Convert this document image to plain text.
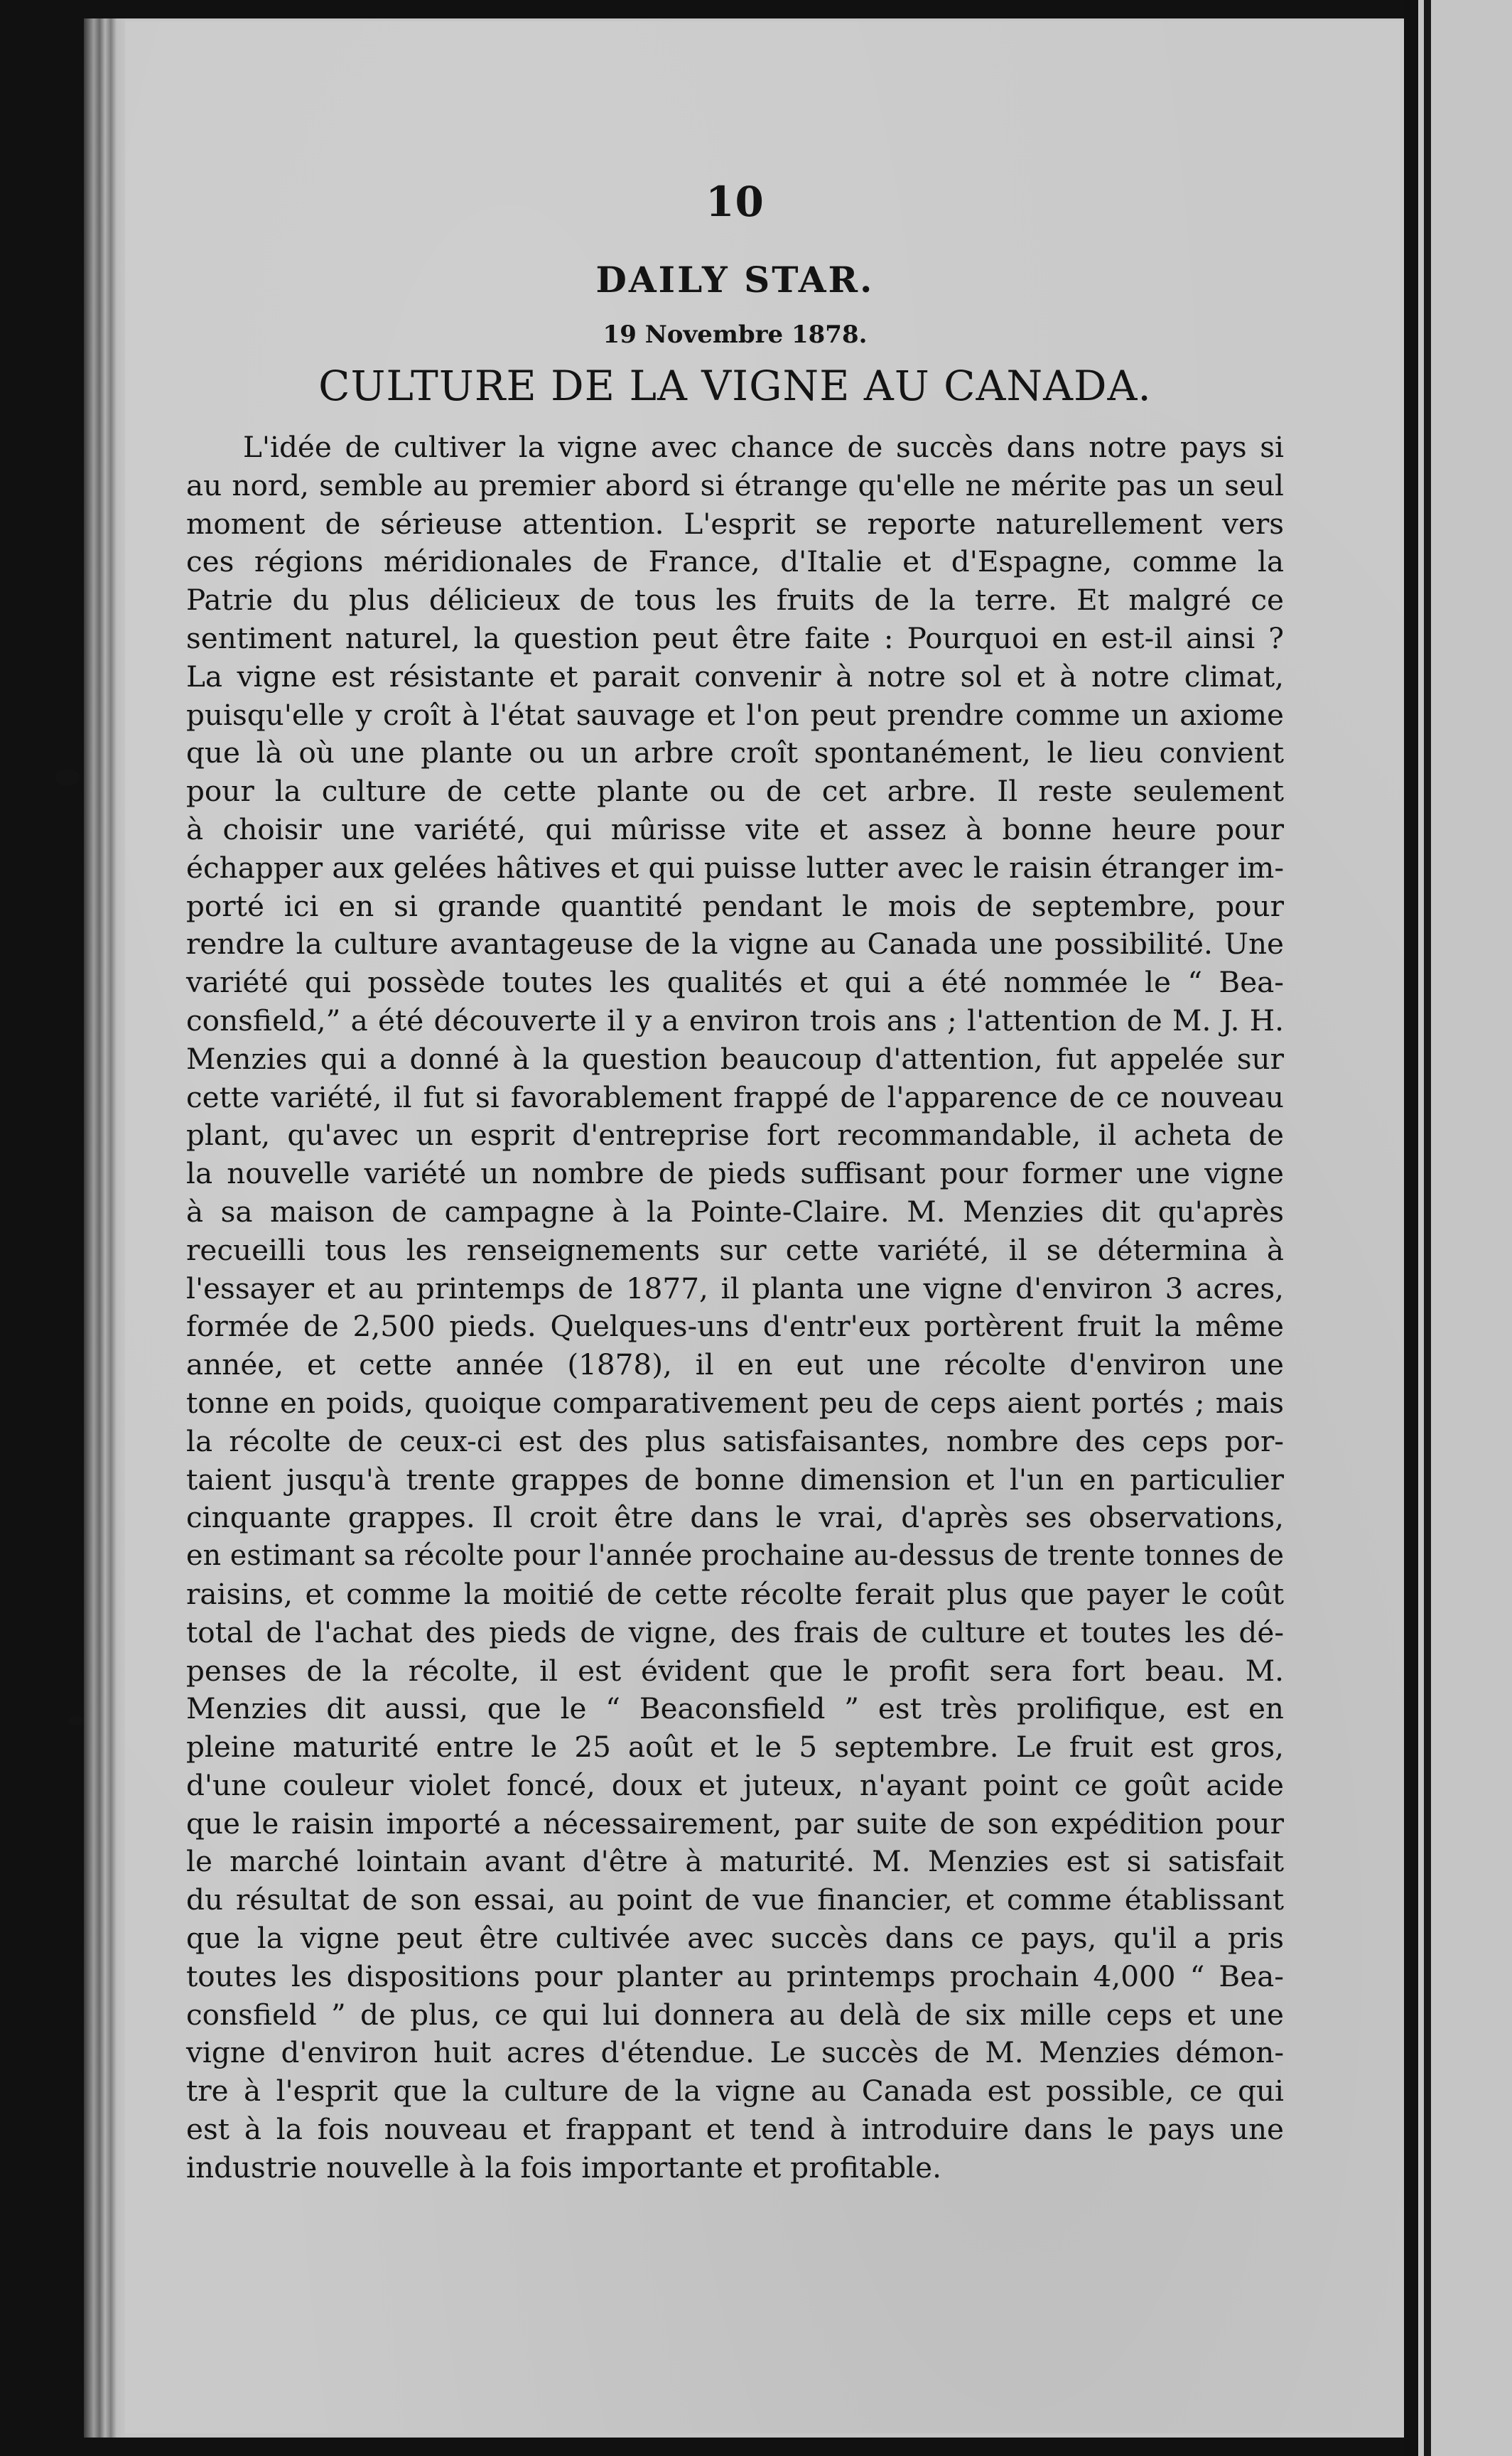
10
DAILY STAR.
19 Novembre 1878.
CULTURE DE LA VIGNE AU CANADA.
L'idée de cultiver la vigne avec chance de succès dans notre pays si
au nord, semble au premier abord si étrange qu'elle ne mérite pas un seul
moment de sérieuse attention. L'esprit se reporte naturellement vers
ces régions méridionales de France, d'Italie et d'Espagne, comme la
Patrie du plus délicieux de tous les fruits de la terre. Et malgré ce
sentiment naturel, la question peut être faite : Pourquoi en est-il ainsi ?
La vigne est résistante et parait convenir à notre sol et à notre climat,
puisqu'elle y croît à l'état sauvage et l'on peut prendre comme un axiome
que là où une plante ou un arbre croît spontanément, le lieu convient
pour la culture de cette plante ou de cet arbre. Il reste seulement
à choisir une variété, qui mûrisse vite et assez à bonne heure pour
échapper aux gelées hâtives et qui puisse lutter avec le raisin étranger im-
porté ici en si grande quantité pendant le mois de septembre, pour
rendre la culture avantageuse de la vigne au Canada une possibilité. Une
variété qui possède toutes les qualités et qui a été nommée le “ Bea-
consfield,” a été découverte il y a environ trois ans ; l'attention de M. J. H.
Menzies qui a donné à la question beaucoup d'attention, fut appelée sur
cette variété, il fut si favorablement frappé de l'apparence de ce nouveau
plant, qu'avec un esprit d'entreprise fort recommandable, il acheta de
la nouvelle variété un nombre de pieds suffisant pour former une vigne
à sa maison de campagne à la Pointe-Claire. M. Menzies dit qu'après
recueilli tous les renseignements sur cette variété, il se détermina à
l'essayer et au printemps de 1877, il planta une vigne d'environ 3 acres,
formée de 2,500 pieds. Quelques-uns d'entr'eux portèrent fruit la même
année, et cette année (1878), il en eut une récolte d'environ une
tonne en poids, quoique comparativement peu de ceps aient portés ; mais
la récolte de ceux-ci est des plus satisfaisantes, nombre des ceps por-
taient jusqu'à trente grappes de bonne dimension et l'un en particulier
cinquante grappes. Il croit être dans le vrai, d'après ses observations,
en estimant sa récolte pour l'année prochaine au-dessus de trente tonnes de
raisins, et comme la moitié de cette récolte ferait plus que payer le coût
total de l'achat des pieds de vigne, des frais de culture et toutes les dé-
penses de la récolte, il est évident que le profit sera fort beau. M.
Menzies dit aussi, que le “ Beaconsfield ” est très prolifique, est en
pleine maturité entre le 25 août et le 5 septembre. Le fruit est gros,
d'une couleur violet foncé, doux et juteux, n'ayant point ce goût acide
que le raisin importé a nécessairement, par suite de son expédition pour
le marché lointain avant d'être à maturité. M. Menzies est si satisfait
du résultat de son essai, au point de vue financier, et comme établissant
que la vigne peut être cultivée avec succès dans ce pays, qu'il a pris
toutes les dispositions pour planter au printemps prochain 4,000 “ Bea-
consfield ” de plus, ce qui lui donnera au delà de six mille ceps et une
vigne d'environ huit acres d'étendue. Le succès de M. Menzies démon-
tre à l'esprit que la culture de la vigne au Canada est possible, ce qui
est à la fois nouveau et frappant et tend à introduire dans le pays une
industrie nouvelle à la fois importante et profitable.
